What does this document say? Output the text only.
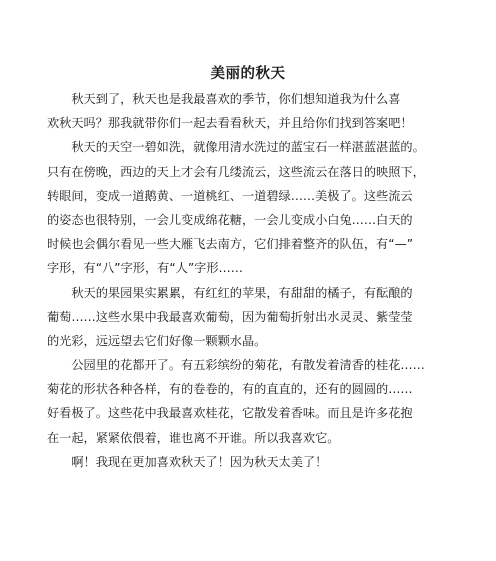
美丽的秋天
　　秋天到了，秋天也是我最喜欢的季节，你们想知道我为什么喜
欢秋天吗？那我就带你们一起去看看秋天，并且给你们找到答案吧！
　　秋天的天空一碧如洗，就像用清水洗过的蓝宝石一样湛蓝湛蓝的。
只有在傍晚，西边的天上才会有几缕流云，这些流云在落日的映照下，
转眼间，变成一道鹅黄、一道桃红、一道碧绿……美极了。这些流云
的姿态也很特别，一会儿变成绵花糖，一会儿变成小白兔……白天的
时候也会偶尔看见一些大雁飞去南方，它们排着整齐的队伍，有“—”
字形，有“八”字形，有“人”字形……
　　秋天的果园果实累累，有红红的苹果，有甜甜的橘子，有酝酿的
葡萄……这些水果中我最喜欢葡萄，因为葡萄折射出水灵灵、紫莹莹
的光彩，远远望去它们好像一颗颗水晶。
　　公园里的花都开了。有五彩缤纷的菊花，有散发着清香的桂花……
菊花的形状各种各样，有的卷卷的，有的直直的，还有的圆圆的……
好看极了。这些花中我最喜欢桂花，它散发着香味。而且是许多花抱
在一起，紧紧依偎着，谁也离不开谁。所以我喜欢它。
　　啊！我现在更加喜欢秋天了！因为秋天太美了！
